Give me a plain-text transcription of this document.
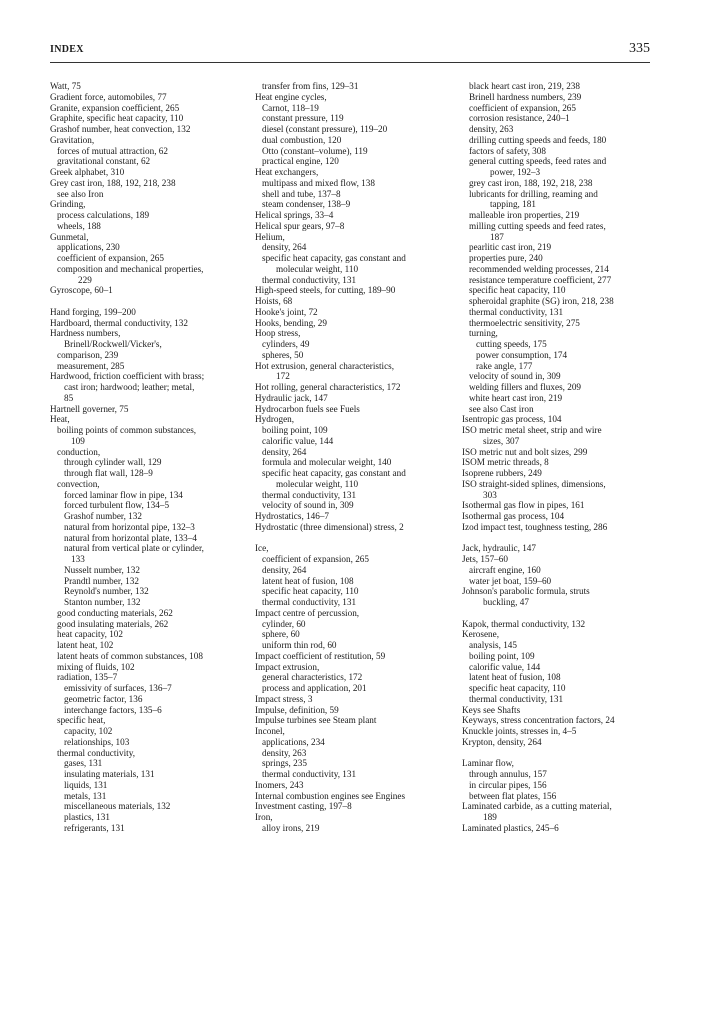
INDEX	335
Watt, 75
Gradient force, automobiles, 77
Granite, expansion coefficient, 265
Graphite, specific heat capacity, 110
Grashof number, heat convection, 132
Gravitation,
forces of mutual attraction, 62
gravitational constant, 62
Greek alphabet, 310
Grey cast iron, 188, 192, 218, 238
see also Iron
Grinding,
process calculations, 189
wheels, 188
Gunmetal,
applications, 230
coefficient of expansion, 265
composition and mechanical properties,
229
Gyroscope, 60–1
Hand forging, 199–200
Hardboard, thermal conductivity, 132
Hardness numbers,
Brinell/Rockwell/Vicker's,
comparison, 239
measurement, 285
Hardwood, friction coefficient with brass;
cast iron; hardwood; leather; metal,
85
Hartnell governer, 75
Heat,
boiling points of common substances,
109
conduction,
through cylinder wall, 129
through flat wall, 128–9
convection,
forced laminar flow in pipe, 134
forced turbulent flow, 134–5
Grashof number, 132
natural from horizontal pipe, 132–3
natural from horizontal plate, 133–4
natural from vertical plate or cylinder,
133
Nusselt number, 132
Prandtl number, 132
Reynold's number, 132
Stanton number, 132
good conducting materials, 262
good insulating materials, 262
heat capacity, 102
latent heat, 102
latent heats of common substances, 108
mixing of fluids, 102
radiation, 135–7
emissivity of surfaces, 136–7
geometric factor, 136
interchange factors, 135–6
specific heat,
capacity, 102
relationships, 103
thermal conductivity,
gases, 131
insulating materials, 131
liquids, 131
metals, 131
miscellaneous materials, 132
plastics, 131
refrigerants, 131
transfer from fins, 129–31
Heat engine cycles,
Carnot, 118–19
constant pressure, 119
diesel (constant pressure), 119–20
dual combustion, 120
Otto (constant–volume), 119
practical engine, 120
Heat exchangers,
multipass and mixed flow, 138
shell and tube, 137–8
steam condenser, 138–9
Helical springs, 33–4
Helical spur gears, 97–8
Helium,
density, 264
specific heat capacity, gas constant and
molecular weight, 110
thermal conductivity, 131
High-speed steels, for cutting, 189–90
Hoists, 68
Hooke's joint, 72
Hooks, bending, 29
Hoop stress,
cylinders, 49
spheres, 50
Hot extrusion, general characteristics,
172
Hot rolling, general characteristics, 172
Hydraulic jack, 147
Hydrocarbon fuels see Fuels
Hydrogen,
boiling point, 109
calorific value, 144
density, 264
formula and molecular weight, 140
specific heat capacity, gas constant and
molecular weight, 110
thermal conductivity, 131
velocity of sound in, 309
Hydrostatics, 146–7
Hydrostatic (three dimensional) stress, 2
Ice,
coefficient of expansion, 265
density, 264
latent heat of fusion, 108
specific heat capacity, 110
thermal conductivity, 131
Impact centre of percussion,
cylinder, 60
sphere, 60
uniform thin rod, 60
Impact coefficient of restitution, 59
Impact extrusion,
general characteristics, 172
process and application, 201
Impact stress, 3
Impulse, definition, 59
Impulse turbines see Steam plant
Inconel,
applications, 234
density, 263
springs, 235
thermal conductivity, 131
Inomers, 243
Internal combustion engines see Engines
Investment casting, 197–8
Iron,
alloy irons, 219
black heart cast iron, 219, 238
Brinell hardness numbers, 239
coefficient of expansion, 265
corrosion resistance, 240–1
density, 263
drilling cutting speeds and feeds, 180
factors of safety, 308
general cutting speeds, feed rates and
power, 192–3
grey cast iron, 188, 192, 218, 238
lubricants for drilling, reaming and
tapping, 181
malleable iron properties, 219
milling cutting speeds and feed rates,
187
pearlitic cast iron, 219
properties pure, 240
recommended welding processes, 214
resistance temperature coefficient, 277
specific heat capacity, 110
spheroidal graphite (SG) iron, 218, 238
thermal conductivity, 131
thermoelectric sensitivity, 275
turning,
cutting speeds, 175
power consumption, 174
rake angle, 177
velocity of sound in, 309
welding fillers and fluxes, 209
white heart cast iron, 219
see also Cast iron
Isentropic gas process, 104
ISO metric metal sheet, strip and wire
sizes, 307
ISO metric nut and bolt sizes, 299
ISOM metric threads, 8
Isoprene rubbers, 249
ISO straight-sided splines, dimensions,
303
Isothermal gas flow in pipes, 161
Isothermal gas process, 104
Izod impact test, toughness testing, 286
Jack, hydraulic, 147
Jets, 157–60
aircraft engine, 160
water jet boat, 159–60
Johnson's parabolic formula, struts
buckling, 47
Kapok, thermal conductivity, 132
Kerosene,
analysis, 145
boiling point, 109
calorific value, 144
latent heat of fusion, 108
specific heat capacity, 110
thermal conductivity, 131
Keys see Shafts
Keyways, stress concentration factors, 24
Knuckle joints, stresses in, 4–5
Krypton, density, 264
Laminar flow,
through annulus, 157
in circular pipes, 156
between flat plates, 156
Laminated carbide, as a cutting material,
189
Laminated plastics, 245–6
